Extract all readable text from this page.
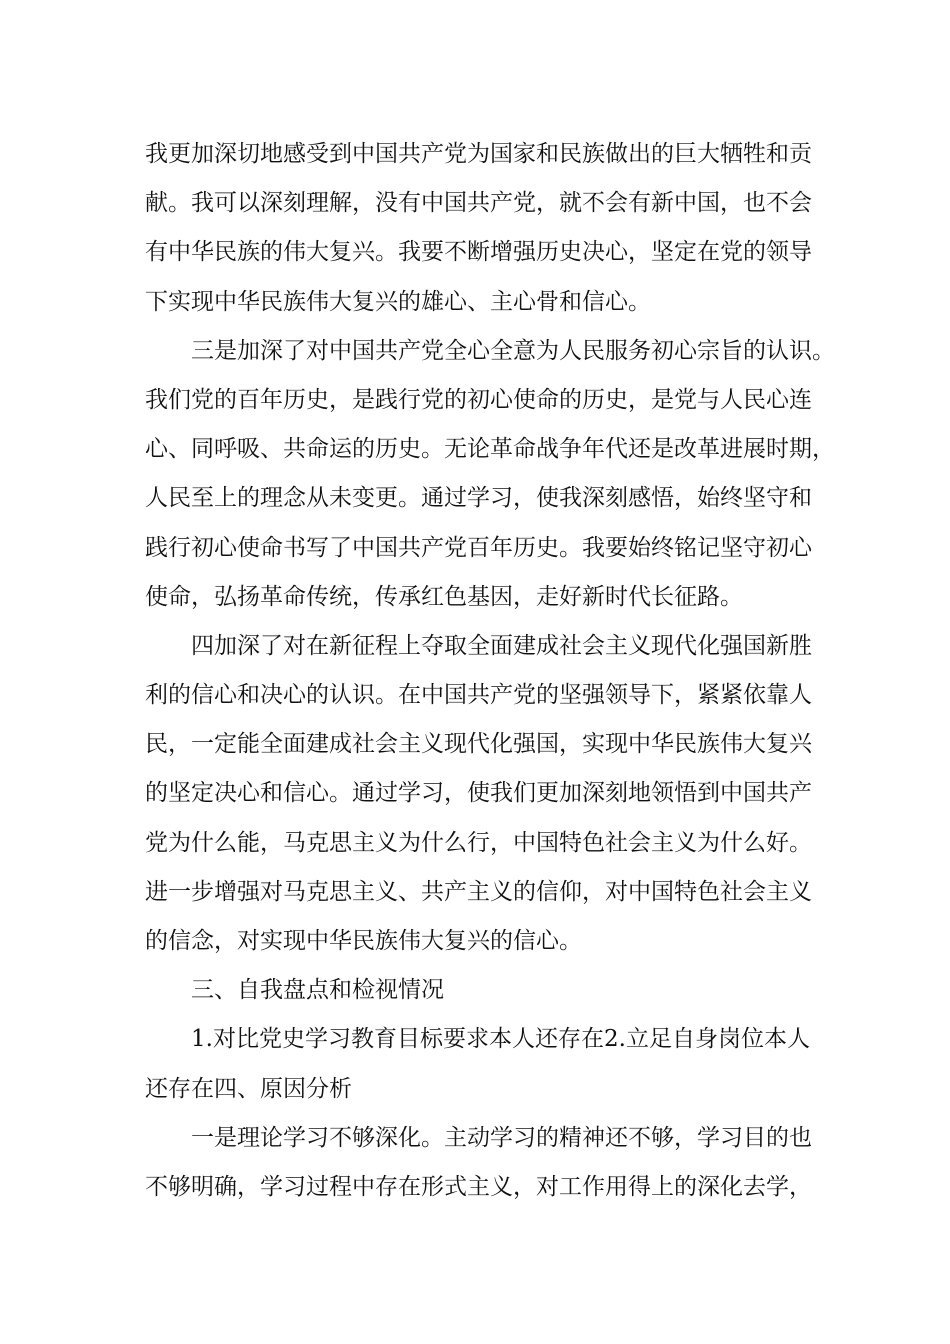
我更加深切地感受到中国共产党为国家和民族做出的巨大牺牲和贡
献。我可以深刻理解，没有中国共产党，就不会有新中国，也不会
有中华民族的伟大复兴。我要不断增强历史决心，坚定在党的领导
下实现中华民族伟大复兴的雄心、主心骨和信心。
三是加深了对中国共产党全心全意为人民服务初心宗旨的认识。
我们党的百年历史，是践行党的初心使命的历史，是党与人民心连
心、同呼吸、共命运的历史。无论革命战争年代还是改革进展时期，
人民至上的理念从未变更。通过学习，使我深刻感悟，始终坚守和
践行初心使命书写了中国共产党百年历史。我要始终铭记坚守初心
使命，弘扬革命传统，传承红色基因，走好新时代长征路。
四加深了对在新征程上夺取全面建成社会主义现代化强国新胜
利的信心和决心的认识。在中国共产党的坚强领导下，紧紧依靠人
民，一定能全面建成社会主义现代化强国，实现中华民族伟大复兴
的坚定决心和信心。通过学习，使我们更加深刻地领悟到中国共产
党为什么能，马克思主义为什么行，中国特色社会主义为什么好。
进一步增强对马克思主义、共产主义的信仰，对中国特色社会主义
的信念，对实现中华民族伟大复兴的信心。
三、自我盘点和检视情况
1.对比党史学习教育目标要求本人还存在2.立足自身岗位本人
还存在四、原因分析
一是理论学习不够深化。主动学习的精神还不够，学习目的也
不够明确，学习过程中存在形式主义，对工作用得上的深化去学，
